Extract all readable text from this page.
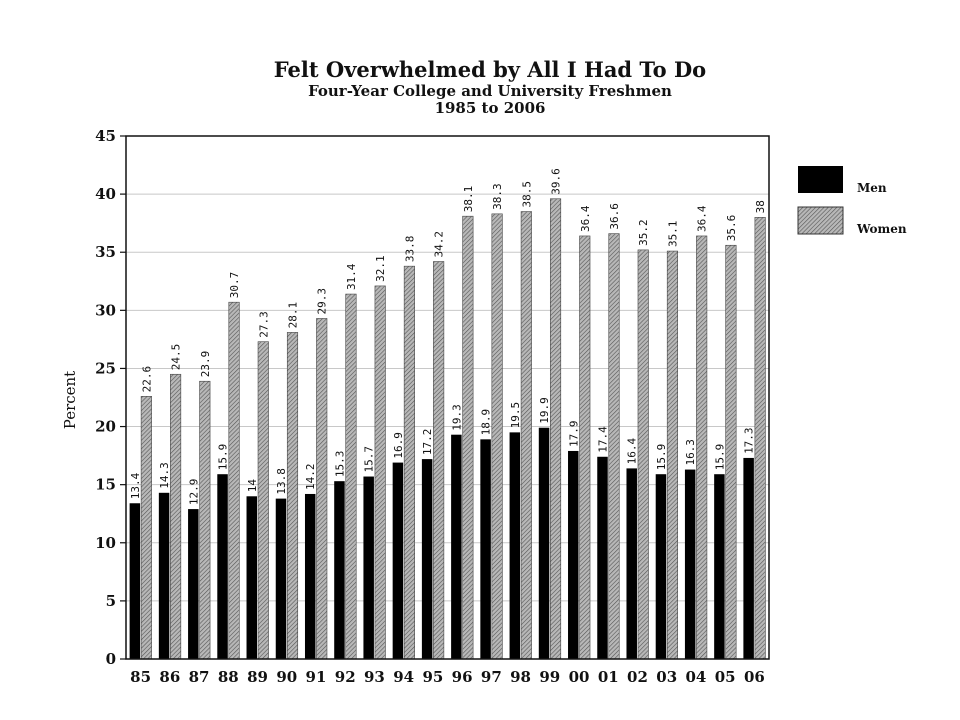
Felt Overwhelmed by All I Had To Do
Four-Year College and University Freshmen
1985 to 2006
Percent
0
5
10
15
20
25
30
35
40
45
13.4
22.6
14.3
24.5
12.9
23.9
15.9
30.7
14
27.3
13.8
28.1
14.2
29.3
15.3
31.4
15.7
32.1
16.9
33.8
17.2
34.2
19.3
38.1
18.9
38.3
19.5
38.5
19.9
39.6
17.9
36.4
17.4
36.6
16.4
35.2
15.9
35.1
16.3
36.4
15.9
35.6
17.3
38
85 86 87 88 89 90 91 92 93 94 95 96 97 98 99 00 01 02 03 04 05 06
Men
Women
